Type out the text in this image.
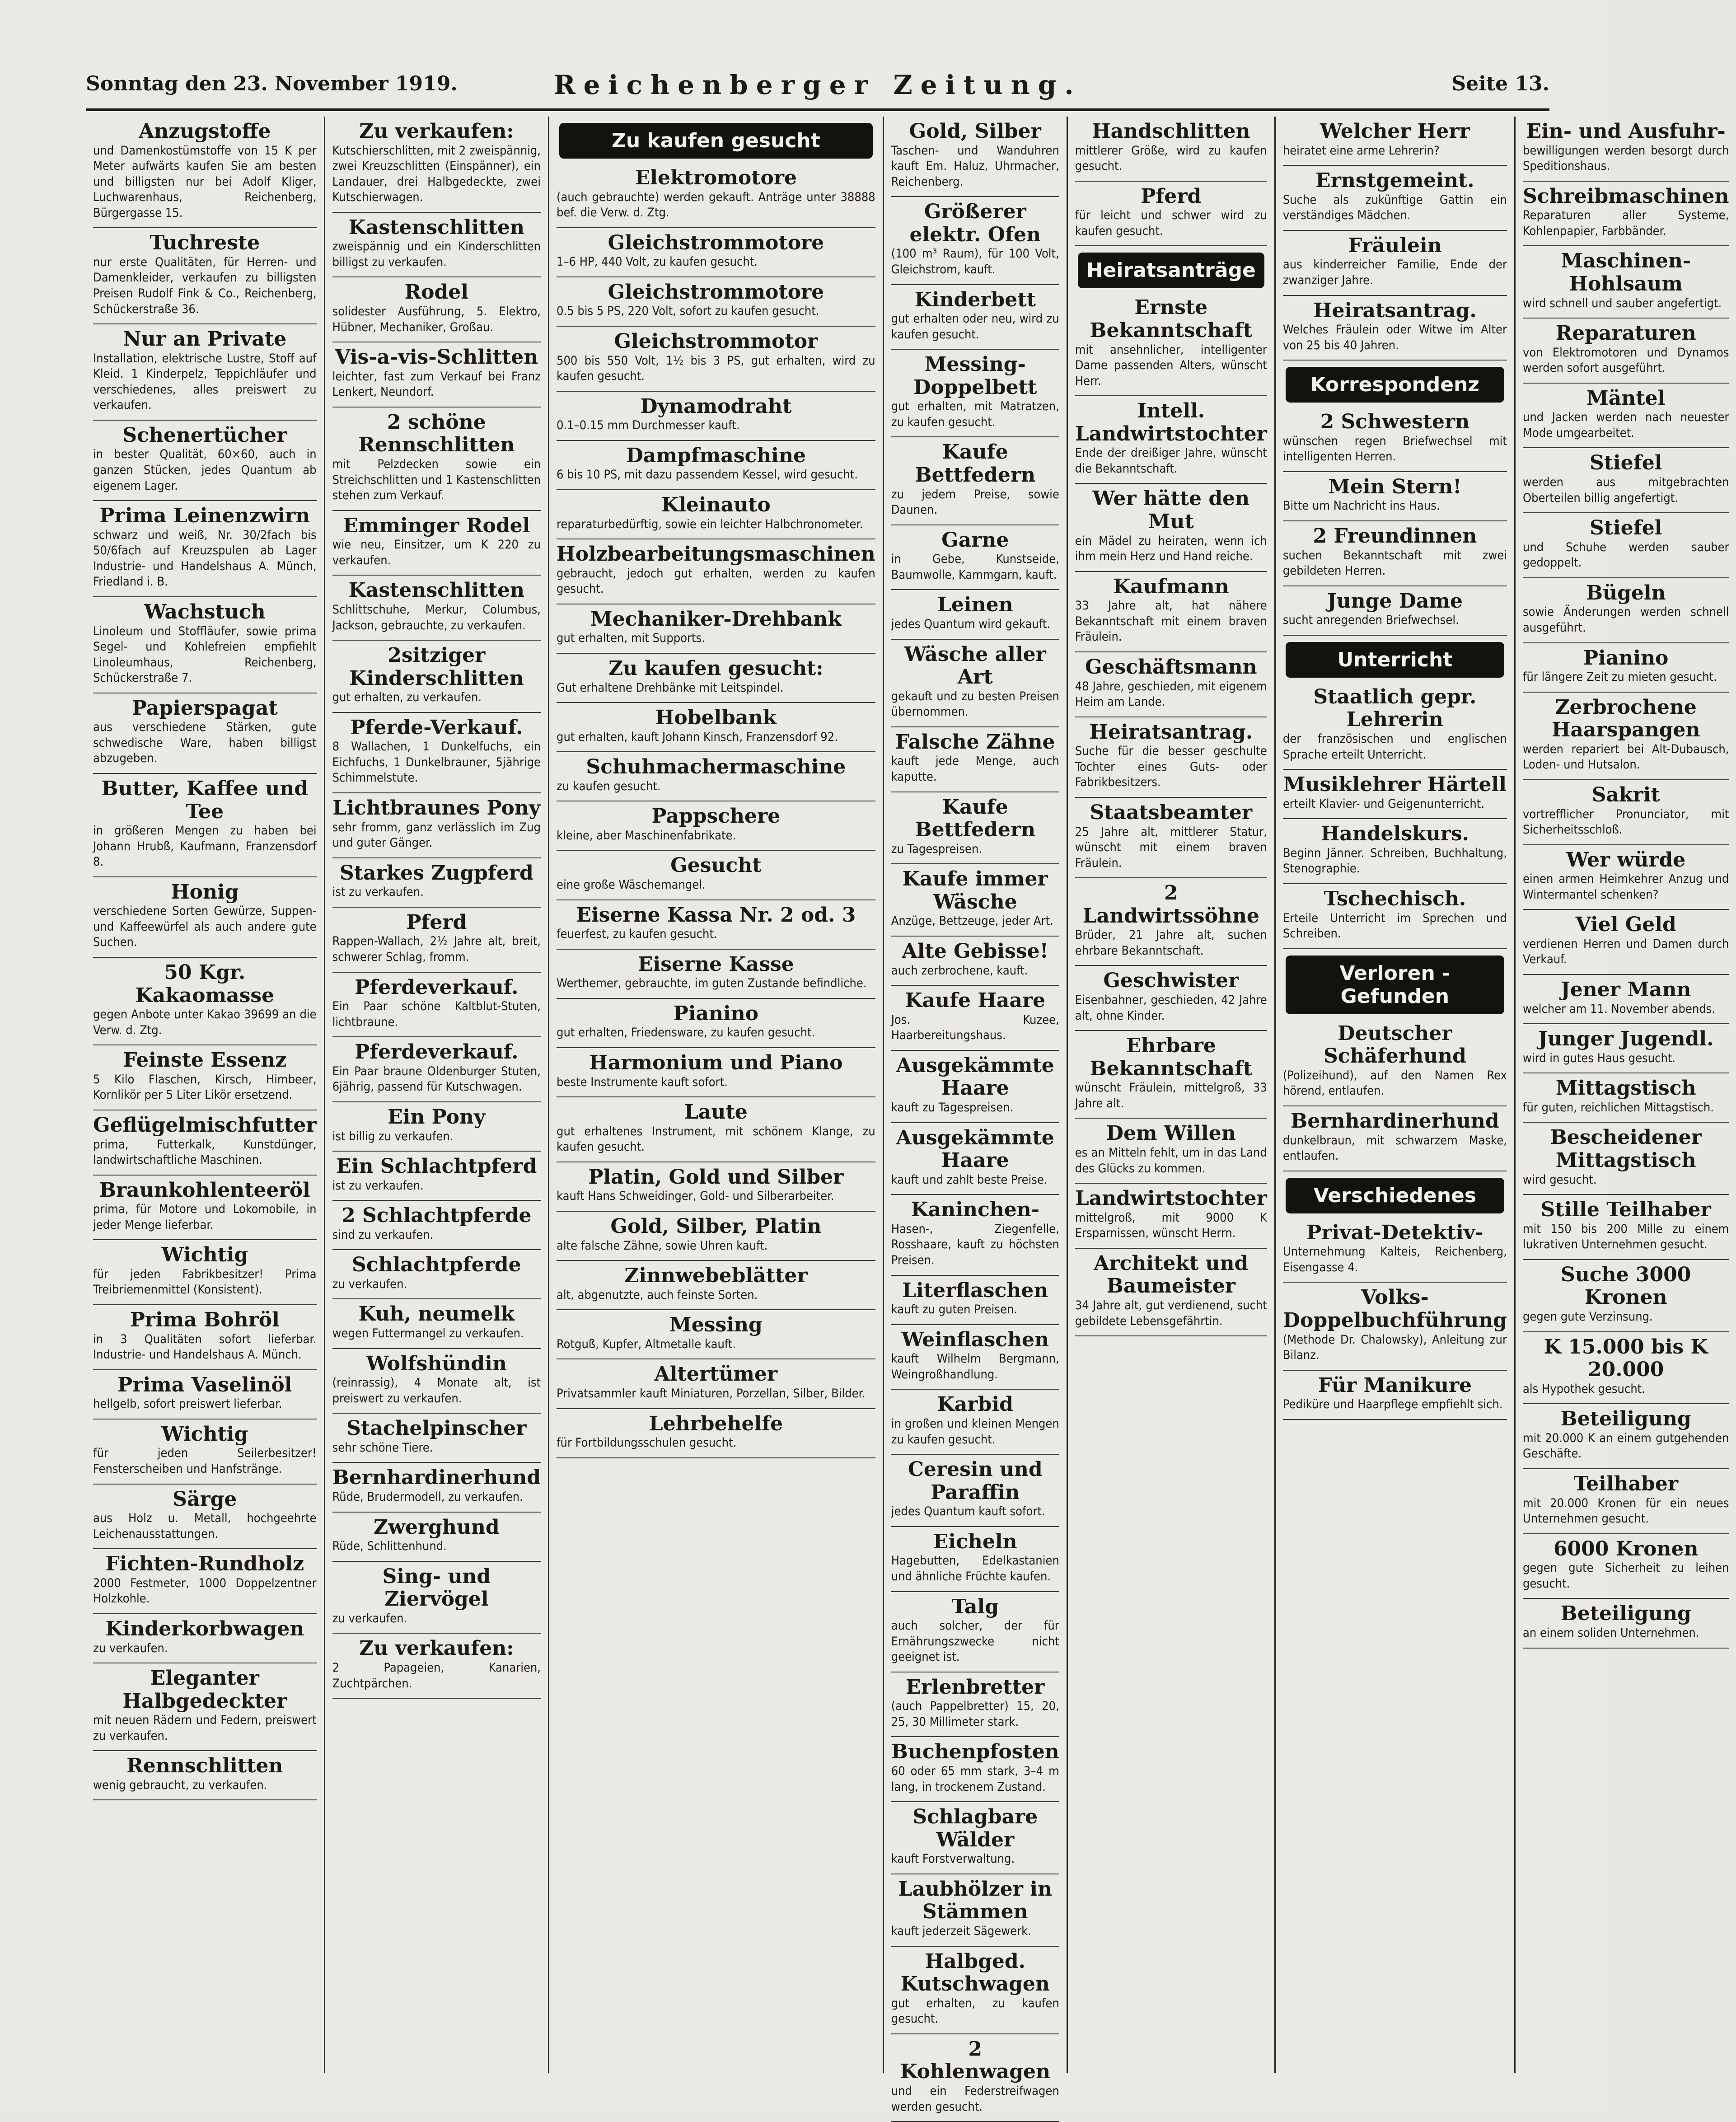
Sonntag den 23. November 1919.	Reichenberger Zeitung.	Seite 13.
Anzugstoffe
und Damenkostümstoffe von 15 K per Meter aufwärts kaufen Sie am besten und billigsten nur bei Adolf Kliger, Luchwarenhaus, Reichenberg, Bürgergasse 15.
Tuchreste
nur erste Qualitäten, für Herren- und Damenkleider, verkaufen zu billigsten Preisen Rudolf Fink & Co., Reichenberg, Schückerstraße 36.
Nur an Private
Installation, elektrische Lustre, Stoff auf Kleid. 1 Kinderpelz, Teppichläufer und verschiedenes, alles preiswert zu verkaufen.
Schenertücher
in bester Qualität, 60×60, auch in ganzen Stücken, jedes Quantum ab eigenem Lager.
Prima Leinenzwirn
schwarz und weiß, Nr. 30/2fach bis 50/6fach auf Kreuzspulen ab Lager Industrie- und Handelshaus A. Münch, Friedland i. B.
Wachstuch
Linoleum und Stoffläufer, sowie prima Segel- und Kohlefreien empfiehlt Linoleumhaus, Reichenberg, Schückerstraße 7.
Papierspagat
aus verschiedene Stärken, gute schwedische Ware, haben billigst abzugeben.
Butter, Kaffee und Tee
in größeren Mengen zu haben bei Johann Hrubß, Kaufmann, Franzensdorf 8.
Honig
verschiedene Sorten Gewürze, Suppen- und Kaffeewürfel als auch andere gute Suchen.
50 Kgr. Kakaomasse
gegen Anbote unter Kakao 39699 an die Verw. d. Ztg.
Feinste Essenz
5 Kilo Flaschen, Kirsch, Himbeer, Kornlikör per 5 Liter Likör ersetzend.
Geflügelmischfutter
prima, Futterkalk, Kunstdünger, landwirtschaftliche Maschinen.
Braunkohlenteeröl
prima, für Motore und Lokomobile, in jeder Menge lieferbar.
Wichtig
für jeden Fabrikbesitzer! Prima Treibriemenmittel (Konsistent).
Prima Bohröl
in 3 Qualitäten sofort lieferbar. Industrie- und Handelshaus A. Münch.
Prima Vaselinöl
hellgelb, sofort preiswert lieferbar.
Wichtig
für jeden Seilerbesitzer! Fensterscheiben und Hanfstränge.
Särge
aus Holz u. Metall, hochgeehrte Leichenausstattungen.
Fichten-Rundholz
2000 Festmeter, 1000 Doppelzentner Holzkohle.
Kinderkorbwagen
zu verkaufen.
Eleganter Halbgedeckter
mit neuen Rädern und Federn, preiswert zu verkaufen.
Rennschlitten
wenig gebraucht, zu verkaufen.
Zu verkaufen:
Kutschierschlitten, mit 2 zweispännig, zwei Kreuzschlitten (Einspänner), ein Landauer, drei Halbgedeckte, zwei Kutschierwagen.
Kastenschlitten
zweispännig und ein Kinderschlitten billigst zu verkaufen.
Rodel
solidester Ausführung, 5. Elektro, Hübner, Mechaniker, Großau.
Vis-a-vis-Schlitten
leichter, fast zum Verkauf bei Franz Lenkert, Neundorf.
2 schöne Rennschlitten
mit Pelzdecken sowie ein Streichschlitten und 1 Kastenschlitten stehen zum Verkauf.
Emminger Rodel
wie neu, Einsitzer, um K 220 zu verkaufen.
Kastenschlitten
Schlittschuhe, Merkur, Columbus, Jackson, gebrauchte, zu verkaufen.
2sitziger Kinderschlitten
gut erhalten, zu verkaufen.
Pferde-Verkauf.
8 Wallachen, 1 Dunkelfuchs, ein Eichfuchs, 1 Dunkelbrauner, 5jährige Schimmelstute.
Lichtbraunes Pony
sehr fromm, ganz verlässlich im Zug und guter Gänger.
Starkes Zugpferd
ist zu verkaufen.
Pferd
Rappen-Wallach, 2½ Jahre alt, breit, schwerer Schlag, fromm.
Pferdeverkauf.
Ein Paar schöne Kaltblut-Stuten, lichtbraune.
Pferdeverkauf.
Ein Paar braune Oldenburger Stuten, 6jährig, passend für Kutschwagen.
Ein Pony
ist billig zu verkaufen.
Ein Schlachtpferd
ist zu verkaufen.
2 Schlachtpferde
sind zu verkaufen.
Schlachtpferde
zu verkaufen.
Kuh, neumelk
wegen Futtermangel zu verkaufen.
Wolfshündin
(reinrassig), 4 Monate alt, ist preiswert zu verkaufen.
Stachelpinscher
sehr schöne Tiere.
Bernhardinerhund
Rüde, Brudermodell, zu verkaufen.
Zwerghund
Rüde, Schlittenhund.
Sing- und Ziervögel
zu verkaufen.
Zu verkaufen:
2 Papageien, Kanarien, Zuchtpärchen.
Zu kaufen gesucht
Elektromotore
(auch gebrauchte) werden gekauft. Anträge unter 38888 bef. die Verw. d. Ztg.
Gleichstrommotore
1–6 HP, 440 Volt, zu kaufen gesucht.
Gleichstrommotore
0.5 bis 5 PS, 220 Volt, sofort zu kaufen gesucht.
Gleichstrommotor
500 bis 550 Volt, 1½ bis 3 PS, gut erhalten, wird zu kaufen gesucht.
Dynamodraht
0.1–0.15 mm Durchmesser kauft.
Dampfmaschine
6 bis 10 PS, mit dazu passendem Kessel, wird gesucht.
Kleinauto
reparaturbedürftig, sowie ein leichter Halbchronometer.
Holzbearbeitungsmaschinen
gebraucht, jedoch gut erhalten, werden zu kaufen gesucht.
Mechaniker-Drehbank
gut erhalten, mit Supports.
Zu kaufen gesucht:
Gut erhaltene Drehbänke mit Leitspindel.
Hobelbank
gut erhalten, kauft Johann Kinsch, Franzensdorf 92.
Schuhmachermaschine
zu kaufen gesucht.
Pappschere
kleine, aber Maschinenfabrikate.
Gesucht
eine große Wäschemangel.
Eiserne Kassa Nr. 2 od. 3
feuerfest, zu kaufen gesucht.
Eiserne Kasse
Werthemer, gebrauchte, im guten Zustande befindliche.
Pianino
gut erhalten, Friedensware, zu kaufen gesucht.
Harmonium und Piano
beste Instrumente kauft sofort.
Laute
gut erhaltenes Instrument, mit schönem Klange, zu kaufen gesucht.
Platin, Gold und Silber
kauft Hans Schweidinger, Gold- und Silberarbeiter.
Gold, Silber, Platin
alte falsche Zähne, sowie Uhren kauft.
Zinnwebeblätter
alt, abgenutzte, auch feinste Sorten.
Messing
Rotguß, Kupfer, Altmetalle kauft.
Altertümer
Privatsammler kauft Miniaturen, Porzellan, Silber, Bilder.
Lehrbehelfe
für Fortbildungsschulen gesucht.
Gold, Silber
Taschen- und Wanduhren kauft Em. Haluz, Uhrmacher, Reichenberg.
Größerer elektr. Ofen
(100 m³ Raum), für 100 Volt, Gleichstrom, kauft.
Kinderbett
gut erhalten oder neu, wird zu kaufen gesucht.
Messing-Doppelbett
gut erhalten, mit Matratzen, zu kaufen gesucht.
Kaufe Bettfedern
zu jedem Preise, sowie Daunen.
Garne
in Gebe, Kunstseide, Baumwolle, Kammgarn, kauft.
Leinen
jedes Quantum wird gekauft.
Wäsche aller Art
gekauft und zu besten Preisen übernommen.
Falsche Zähne
kauft jede Menge, auch kaputte.
Kaufe Bettfedern
zu Tagespreisen.
Kaufe immer Wäsche
Anzüge, Bettzeuge, jeder Art.
Alte Gebisse!
auch zerbrochene, kauft.
Kaufe Haare
Jos. Kuzee, Haarbereitungshaus.
Ausgekämmte Haare
kauft zu Tagespreisen.
Ausgekämmte Haare
kauft und zahlt beste Preise.
Kaninchen-
Hasen-, Ziegenfelle, Rosshaare, kauft zu höchsten Preisen.
Literflaschen
kauft zu guten Preisen.
Weinflaschen
kauft Wilhelm Bergmann, Weingroßhandlung.
Karbid
in großen und kleinen Mengen zu kaufen gesucht.
Ceresin und Paraffin
jedes Quantum kauft sofort.
Eicheln
Hagebutten, Edelkastanien und ähnliche Früchte kaufen.
Talg
auch solcher, der für Ernährungszwecke nicht geeignet ist.
Erlenbretter
(auch Pappelbretter) 15, 20, 25, 30 Millimeter stark.
Buchenpfosten
60 oder 65 mm stark, 3–4 m lang, in trockenem Zustand.
Schlagbare Wälder
kauft Forstverwaltung.
Laubhölzer in Stämmen
kauft jederzeit Sägewerk.
Halbged. Kutschwagen
gut erhalten, zu kaufen gesucht.
2 Kohlenwagen
und ein Federstreifwagen werden gesucht.
Handschlitten
mittlerer Größe, wird zu kaufen gesucht.
Pferd
für leicht und schwer wird zu kaufen gesucht.
Heiratsanträge
Ernste Bekanntschaft
mit ansehnlicher, intelligenter Dame passenden Alters, wünscht Herr.
Intell. Landwirtstochter
Ende der dreißiger Jahre, wünscht die Bekanntschaft.
Wer hätte den Mut
ein Mädel zu heiraten, wenn ich ihm mein Herz und Hand reiche.
Kaufmann
33 Jahre alt, hat nähere Bekanntschaft mit einem braven Fräulein.
Geschäftsmann
48 Jahre, geschieden, mit eigenem Heim am Lande.
Heiratsantrag.
Suche für die besser geschulte Tochter eines Guts- oder Fabrikbesitzers.
Staatsbeamter
25 Jahre alt, mittlerer Statur, wünscht mit einem braven Fräulein.
2 Landwirtssöhne
Brüder, 21 Jahre alt, suchen ehrbare Bekanntschaft.
Geschwister
Eisenbahner, geschieden, 42 Jahre alt, ohne Kinder.
Ehrbare Bekanntschaft
wünscht Fräulein, mittelgroß, 33 Jahre alt.
Dem Willen
es an Mitteln fehlt, um in das Land des Glücks zu kommen.
Landwirtstochter
mittelgroß, mit 9000 K Ersparnissen, wünscht Herrn.
Architekt und Baumeister
34 Jahre alt, gut verdienend, sucht gebildete Lebensgefährtin.
Welcher Herr
heiratet eine arme Lehrerin?
Ernstgemeint.
Suche als zukünftige Gattin ein verständiges Mädchen.
Fräulein
aus kinderreicher Familie, Ende der zwanziger Jahre.
Heiratsantrag.
Welches Fräulein oder Witwe im Alter von 25 bis 40 Jahren.
Korrespondenz
2 Schwestern
wünschen regen Briefwechsel mit intelligenten Herren.
Mein Stern!
Bitte um Nachricht ins Haus.
2 Freundinnen
suchen Bekanntschaft mit zwei gebildeten Herren.
Junge Dame
sucht anregenden Briefwechsel.
Unterricht
Staatlich gepr. Lehrerin
der französischen und englischen Sprache erteilt Unterricht.
Musiklehrer Härtell
erteilt Klavier- und Geigenunterricht.
Handelskurs.
Beginn Jänner. Schreiben, Buchhaltung, Stenographie.
Tschechisch.
Erteile Unterricht im Sprechen und Schreiben.
Verloren - Gefunden
Deutscher Schäferhund
(Polizeihund), auf den Namen Rex hörend, entlaufen.
Bernhardinerhund
dunkelbraun, mit schwarzem Maske, entlaufen.
Verschiedenes
Privat-Detektiv-
Unternehmung Kalteis, Reichenberg, Eisengasse 4.
Volks-Doppelbuchführung
(Methode Dr. Chalowsky), Anleitung zur Bilanz.
Für Manikure
Pediküre und Haarpflege empfiehlt sich.
Ein- und Ausfuhr-
bewilligungen werden besorgt durch Speditionshaus.
Schreibmaschinen
Reparaturen aller Systeme, Kohlenpapier, Farbbänder.
Maschinen-Hohlsaum
wird schnell und sauber angefertigt.
Reparaturen
von Elektromotoren und Dynamos werden sofort ausgeführt.
Mäntel
und Jacken werden nach neuester Mode umgearbeitet.
Stiefel
werden aus mitgebrachten Oberteilen billig angefertigt.
Stiefel
und Schuhe werden sauber gedoppelt.
Bügeln
sowie Änderungen werden schnell ausgeführt.
Pianino
für längere Zeit zu mieten gesucht.
Zerbrochene Haarspangen
werden repariert bei Alt-Dubausch, Loden- und Hutsalon.
Sakrit
vortrefflicher Pronunciator, mit Sicherheitsschloß.
Wer würde
einen armen Heimkehrer Anzug und Wintermantel schenken?
Viel Geld
verdienen Herren und Damen durch Verkauf.
Jener Mann
welcher am 11. November abends.
Junger Jugendl.
wird in gutes Haus gesucht.
Mittagstisch
für guten, reichlichen Mittagstisch.
Bescheidener Mittagstisch
wird gesucht.
Stille Teilhaber
mit 150 bis 200 Mille zu einem lukrativen Unternehmen gesucht.
Suche 3000 Kronen
gegen gute Verzinsung.
K 15.000 bis K 20.000
als Hypothek gesucht.
Beteiligung
mit 20.000 K an einem gutgehenden Geschäfte.
Teilhaber
mit 20.000 Kronen für ein neues Unternehmen gesucht.
6000 Kronen
gegen gute Sicherheit zu leihen gesucht.
Beteiligung
an einem soliden Unternehmen.
